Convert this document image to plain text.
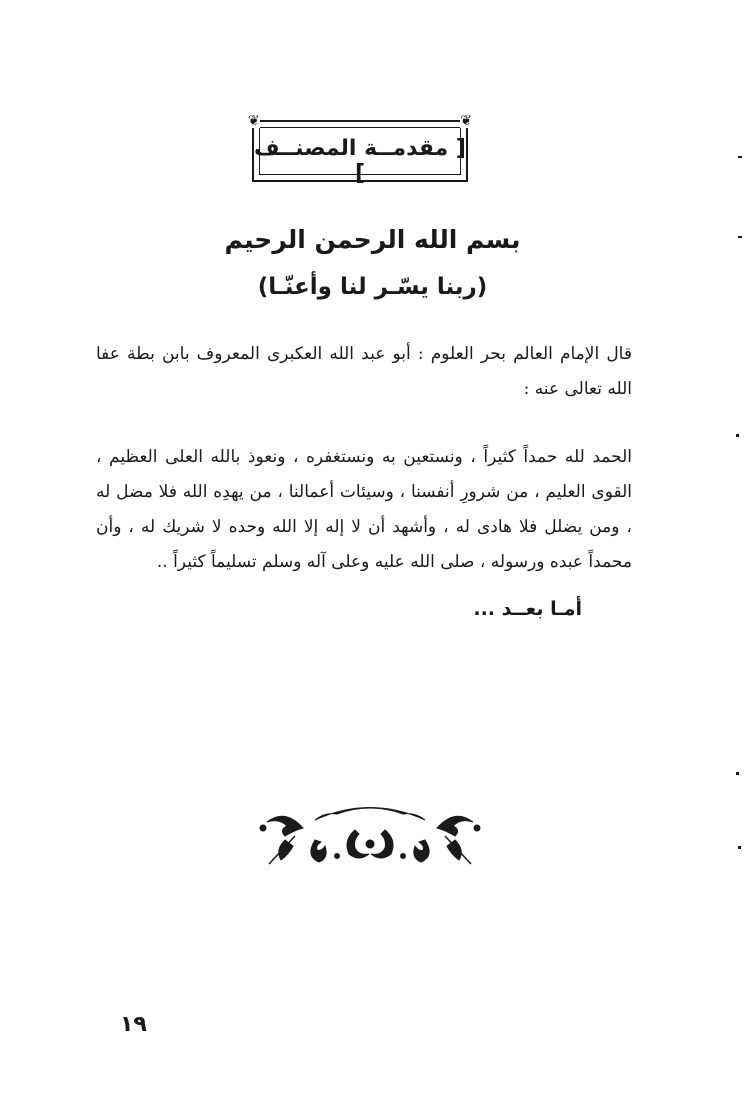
❦	❦
[ مقدمــة المصنــف ]
بسم الله الرحمن الرحيم
(ربنا يسّـر لنا وأعنّـا)
قال الإمام العالم بحر العلوم : أبو عبد الله العكبرى المعروف بابن بطة عفا الله تعالى عنه :
الحمد لله حمداً كثيراً ، ونستعين به ونستغفره ، ونعوذ بالله العلى العظيم ، القوى العليم ، من شرورِ أنفسنا ، وسيئات أعمالنا ، من يهدِه الله فلا مضل له ، ومن يضلل فلا هادى له ، وأشهد أن لا إله إلا الله وحده لا شريك له ، وأن محمداً عبده ورسوله ، صلى الله عليه وعلى آله وسلم تسليماً كثيراً ..
أمـا بعــد ...
١٩
